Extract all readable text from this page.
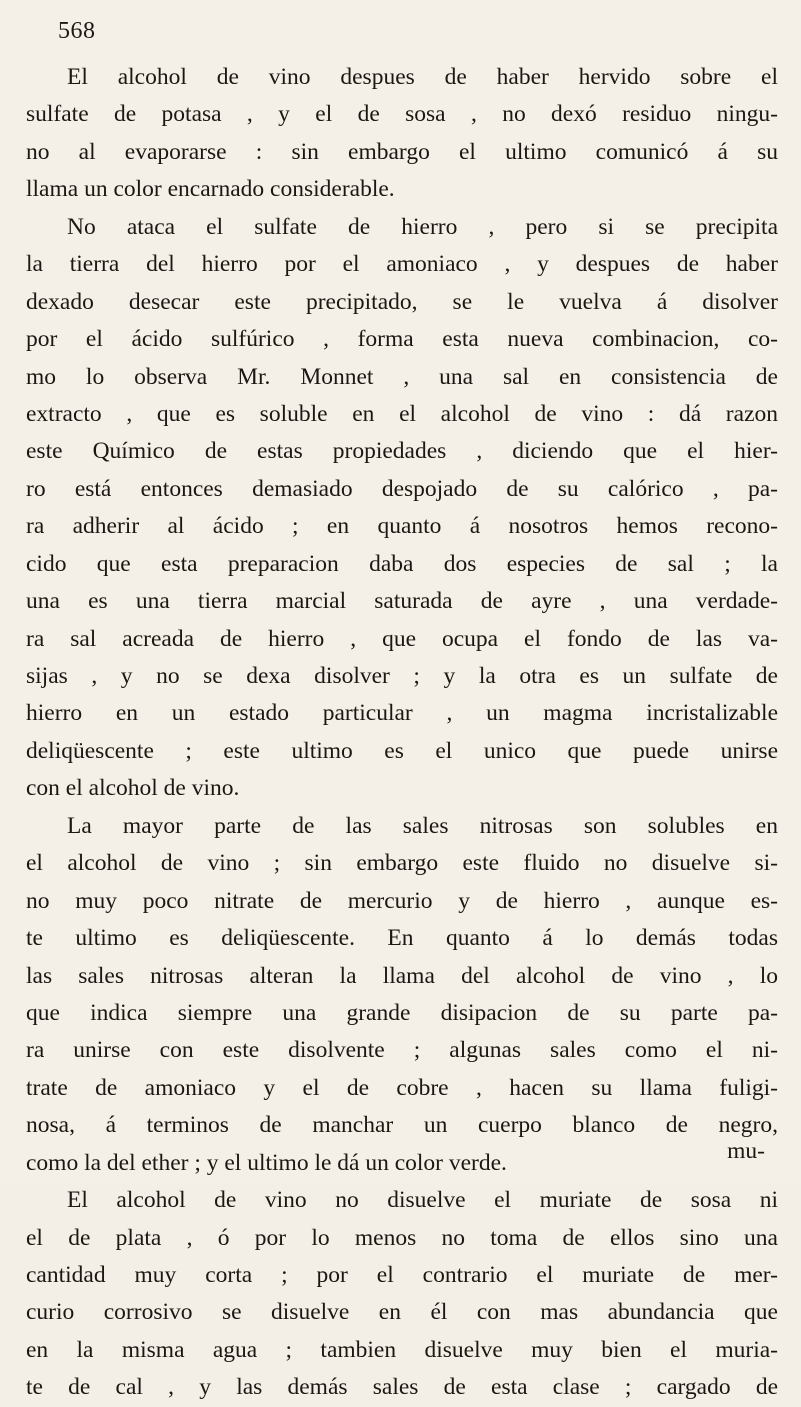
568
El alcohol de vino despues de haber hervido sobre el
sulfate de potasa , y el de sosa , no dexó residuo ningu-
no al evaporarse : sin embargo el ultimo comunicó á su
llama un color encarnado considerable.
No ataca el sulfate de hierro , pero si se precipita
la tierra del hierro por el amoniaco , y despues de haber
dexado desecar este precipitado, se le vuelva á disolver
por el ácido sulfúrico , forma esta nueva combinacion, co-
mo lo observa Mr. Monnet , una sal en consistencia de
extracto , que es soluble en el alcohol de vino : dá razon
este Químico de estas propiedades , diciendo que el hier-
ro está entonces demasiado despojado de su calórico , pa-
ra adherir al ácido ; en quanto á nosotros hemos recono-
cido que esta preparacion daba dos especies de sal ; la
una es una tierra marcial saturada de ayre , una verdade-
ra sal acreada de hierro , que ocupa el fondo de las va-
sijas , y no se dexa disolver ; y la otra es un sulfate de
hierro en un estado particular , un magma incristalizable
deliqüescente ; este ultimo es el unico que puede unirse
con el alcohol de vino.
La mayor parte de las sales nitrosas son solubles en
el alcohol de vino ; sin embargo este fluido no disuelve si-
no muy poco nitrate de mercurio y de hierro , aunque es-
te ultimo es deliqüescente. En quanto á lo demás todas
las sales nitrosas alteran la llama del alcohol de vino , lo
que indica siempre una grande disipacion de su parte pa-
ra unirse con este disolvente ; algunas sales como el ni-
trate de amoniaco y el de cobre , hacen su llama fuligi-
nosa, á terminos de manchar un cuerpo blanco de negro,
como la del ether ; y el ultimo le dá un color verde.
El alcohol de vino no disuelve el muriate de sosa ni
el de plata , ó por lo menos no toma de ellos sino una
cantidad muy corta ; por el contrario el muriate de mer-
curio corrosivo se disuelve en él con mas abundancia que
en la misma agua ; tambien disuelve muy bien el muria-
te de cal , y las demás sales de esta clase ; cargado de
mu-
